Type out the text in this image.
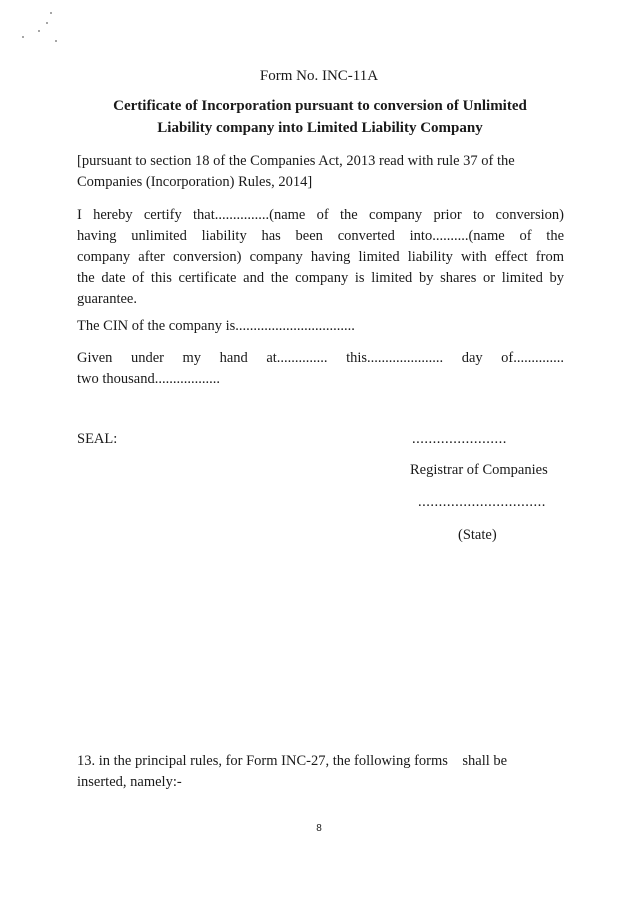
Form No. INC-11A
Certificate of Incorporation pursuant to conversion of Unlimited
Liability company into Limited Liability Company
[pursuant to section 18 of the Companies Act, 2013 read with rule 37 of the
Companies (Incorporation) Rules, 2014]
I hereby certify that...............(name of the company prior to conversion)
having unlimited liability has been converted into..........(name of the
company after conversion) company having limited liability with effect from
the date of this certificate and the company is limited by shares or limited by
guarantee.
The CIN of the company is.................................
Given under my hand at.............. this..................... day of..............
two thousand..................
SEAL:	.......................
Registrar of Companies
...............................
(State)
13. in the principal rules, for Form INC-27, the following forms    shall be
inserted, namely:-
8
